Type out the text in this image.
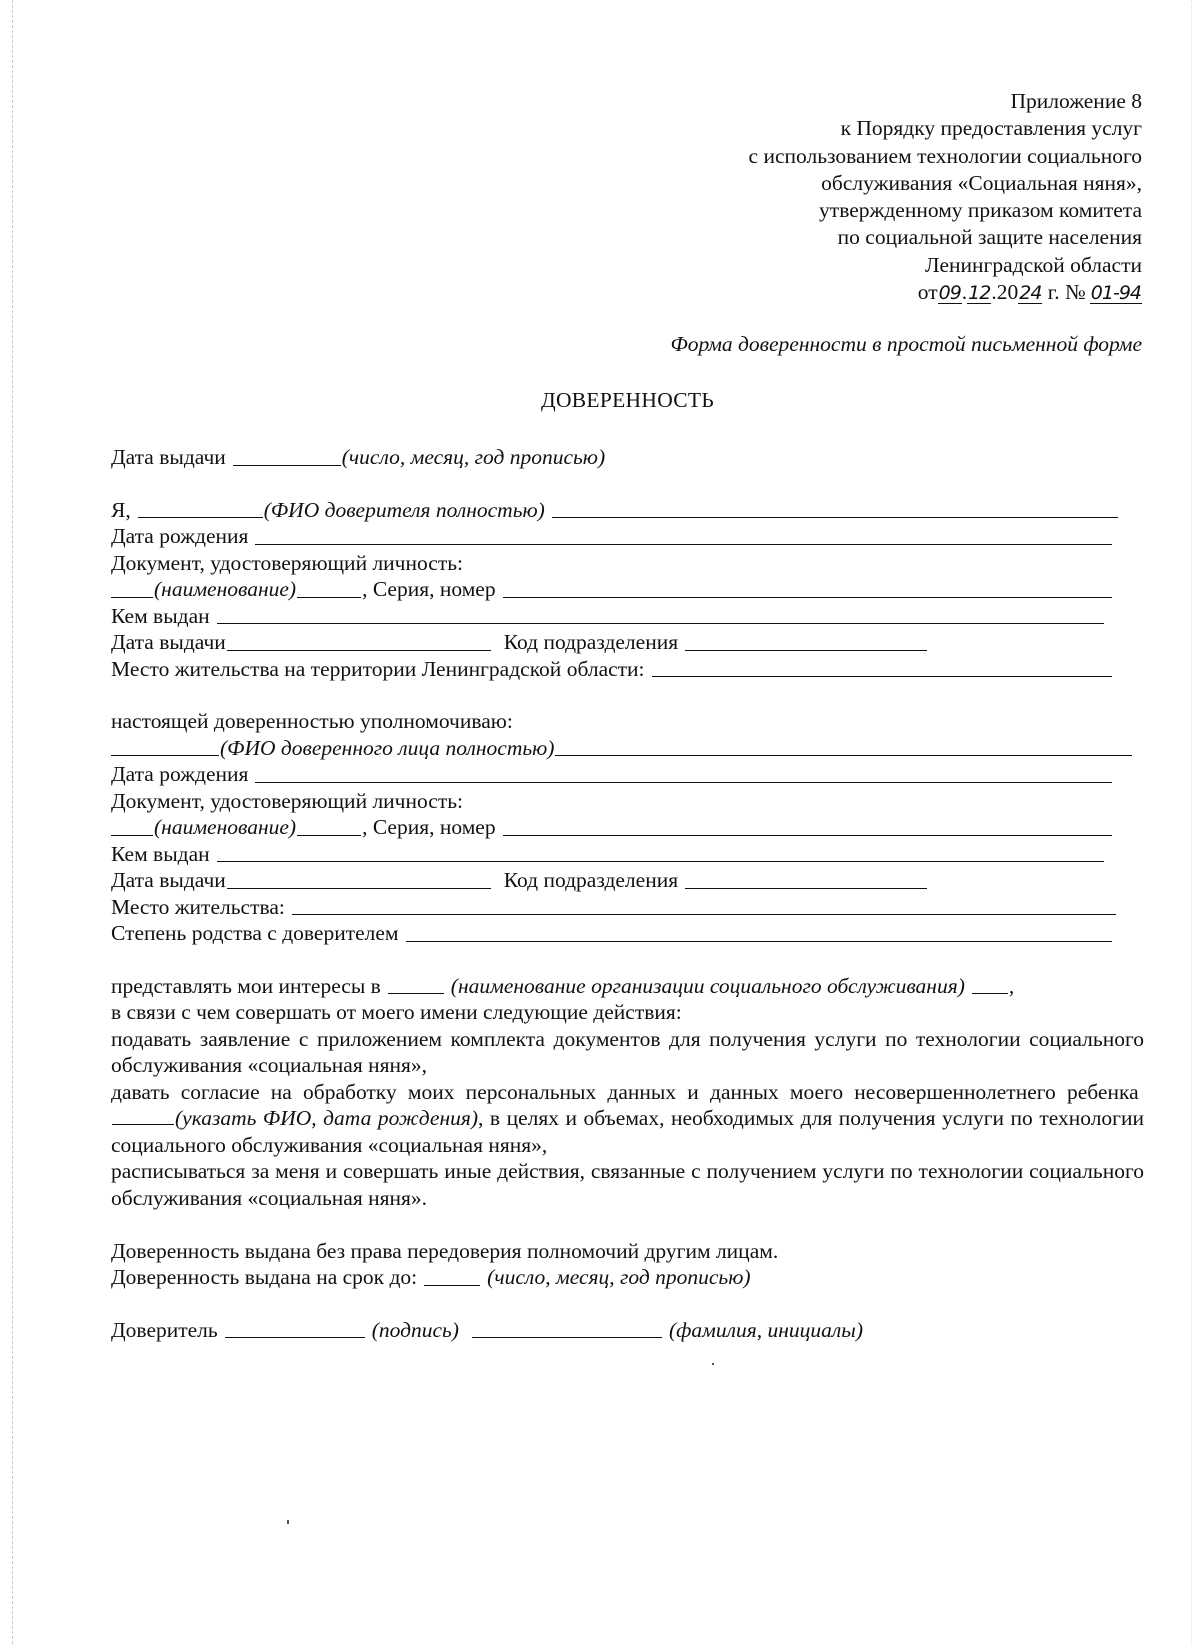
Приложение 8
к Порядку предоставления услуг
с использованием технологии социального
обслуживания «Социальная няня»,
утвержденному приказом комитета
по социальной защите населения
Ленинградской области
от09.12.2024 г. №  01-94
Форма доверенности в простой письменной форме
ДОВЕРЕННОСТЬ
Дата выдачи	(число, месяц, год прописью)
Я,	(ФИО доверителя полностью)
Дата рождения
Документ, удостоверяющий личность:
(наименование)	, Серия, номер
Кем выдан
Дата выдачи	Код подразделения
Место жительства на территории Ленинградской области:
настоящей доверенностью уполномочиваю:
(ФИО доверенного лица полностью)
Дата рождения
Документ, удостоверяющий личность:
(наименование)	, Серия, номер
Кем выдан
Дата выдачи	Код подразделения
Место жительства:
Степень родства с доверителем
представлять мои интересы в	(наименование организации социального обслуживания) ,
в связи с чем совершать от моего имени следующие действия:
подавать заявление с приложением комплекта документов для получения услуги по технологии социального обслуживания «социальная няня»,
давать согласие на обработку моих персональных данных и данных моего несовершеннолетнего ребенка (указать ФИО, дата рождения), в целях и объемах, необходимых для получения услуги по технологии социального обслуживания «социальная няня»,
расписываться за меня и совершать иные действия, связанные с получением услуги по технологии социального обслуживания «социальная няня».
Доверенность выдана без права передоверия полномочий другим лицам.
Доверенность выдана на срок до:	(число, месяц, год прописью)
Доверитель	(подпись)	(фамилия, инициалы)
